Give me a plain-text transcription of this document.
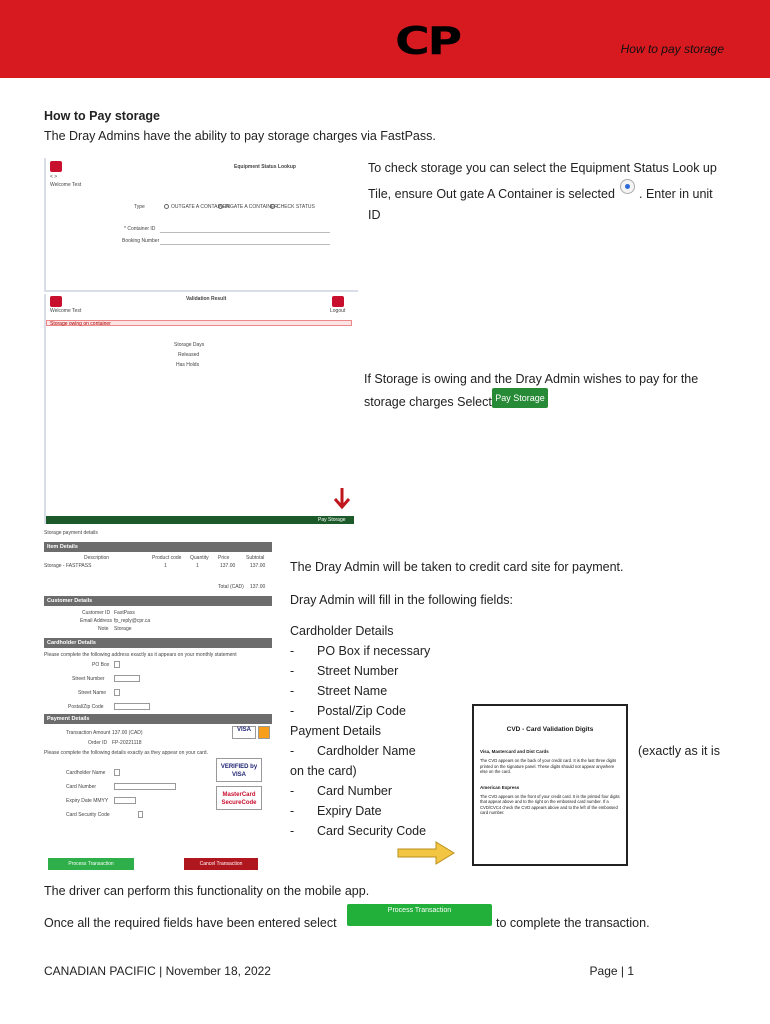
CP	How to pay storage
How to Pay storage
The Dray Admins have the ability to pay storage charges via FastPass.
Equipment Status Lookup
< >
Welcome Test
Type	OUTGATE A CONTAINER
INGATE A CONTAINER CHECK STATUS
* Container ID
Booking Number
Validation Result
Welcome Test	Logout
Storage owing on container
Storage Days
Released
Has Holds
Pay Storage
To check storage you can select the Equipment Status Look up
Tile, ensure Out gate A Container is selected . Enter in unit
ID
If Storage is owing and the Dray Admin wishes to pay for the
storage charges Select Pay Storage
Storage payment details
Item Details
Description	Product code Quantity Price	Subtotal
Storage - FASTPASS	1	1	137.00	137.00
Total (CAD) 137.00
Customer Details
Customer ID FastPass
Email Address fp_reply@cpr.ca
Note Storage
Cardholder Details
Please complete the following address exactly as it appears on your monthly statement
PO Box
Street Number
Street Name
Postal/Zip Code
Payment Details
Transaction Amount 137.00 (CAD)
Order ID FP-20221118
Please complete the following details exactly as they appear on your card.
VISA
Cardholder Name
Card Number
Expiry Date MMYY
Card Security Code
VERIFIED by VISA
MasterCard SecureCode
Process Transaction	Cancel Transaction
The Dray Admin will be taken to credit card site for payment.
Dray Admin will fill in the following fields:
Cardholder Details
- PO Box if necessary
- Street Number
- Street Name
- Postal/Zip Code
Payment Details
- Cardholder Name	(exactly as it is
on the card)
- Card Number
- Expiry Date
- Card Security Code
CVD - Card Validation Digits
Visa, Mastercard and Dist Cards
The CVD appears on the back of your credit card. It is the last three digits printed on the signature panel. These digits should not appear anywhere else on the card.
American Express
The CVD appears on the front of your credit card. It is the printed four digits that appear above and to the right on the embossed card number. If a CVD/CVC4 check the CVD appears above and to the left of the embossed card number.
The driver can perform this functionality on the mobile app.
Once all the required fields have been entered select
Process Transaction
to complete the transaction.
CANADIAN PACIFIC | November 18, 2022	Page | 1
